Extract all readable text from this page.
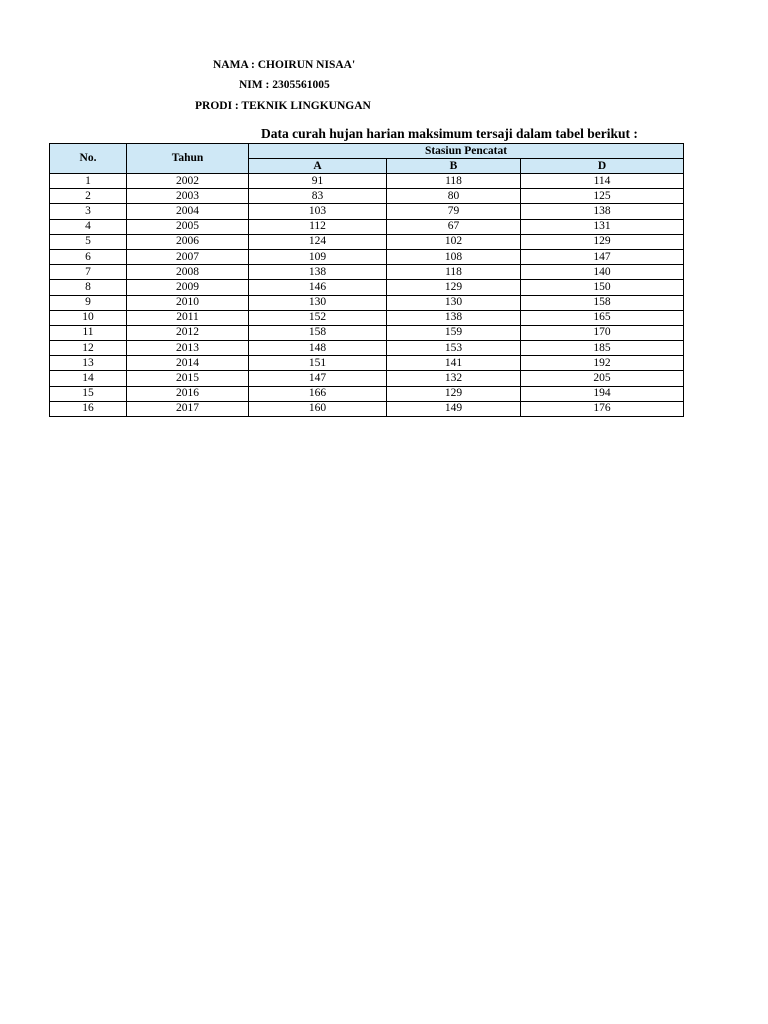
NAMA : CHOIRUN NISAA'
NIM : 2305561005
PRODI : TEKNIK LINGKUNGAN
Data curah hujan harian maksimum tersaji dalam tabel berikut :
No.	Tahun	Stasiun Pencatat		
		A	B	D
1	2002	91	118	114
2	2003	83	80	125
3	2004	103	79	138
4	2005	112	67	131
5	2006	124	102	129
6	2007	109	108	147
7	2008	138	118	140
8	2009	146	129	150
9	2010	130	130	158
10	2011	152	138	165
11	2012	158	159	170
12	2013	148	153	185
13	2014	151	141	192
14	2015	147	132	205
15	2016	166	129	194
16	2017	160	149	176
